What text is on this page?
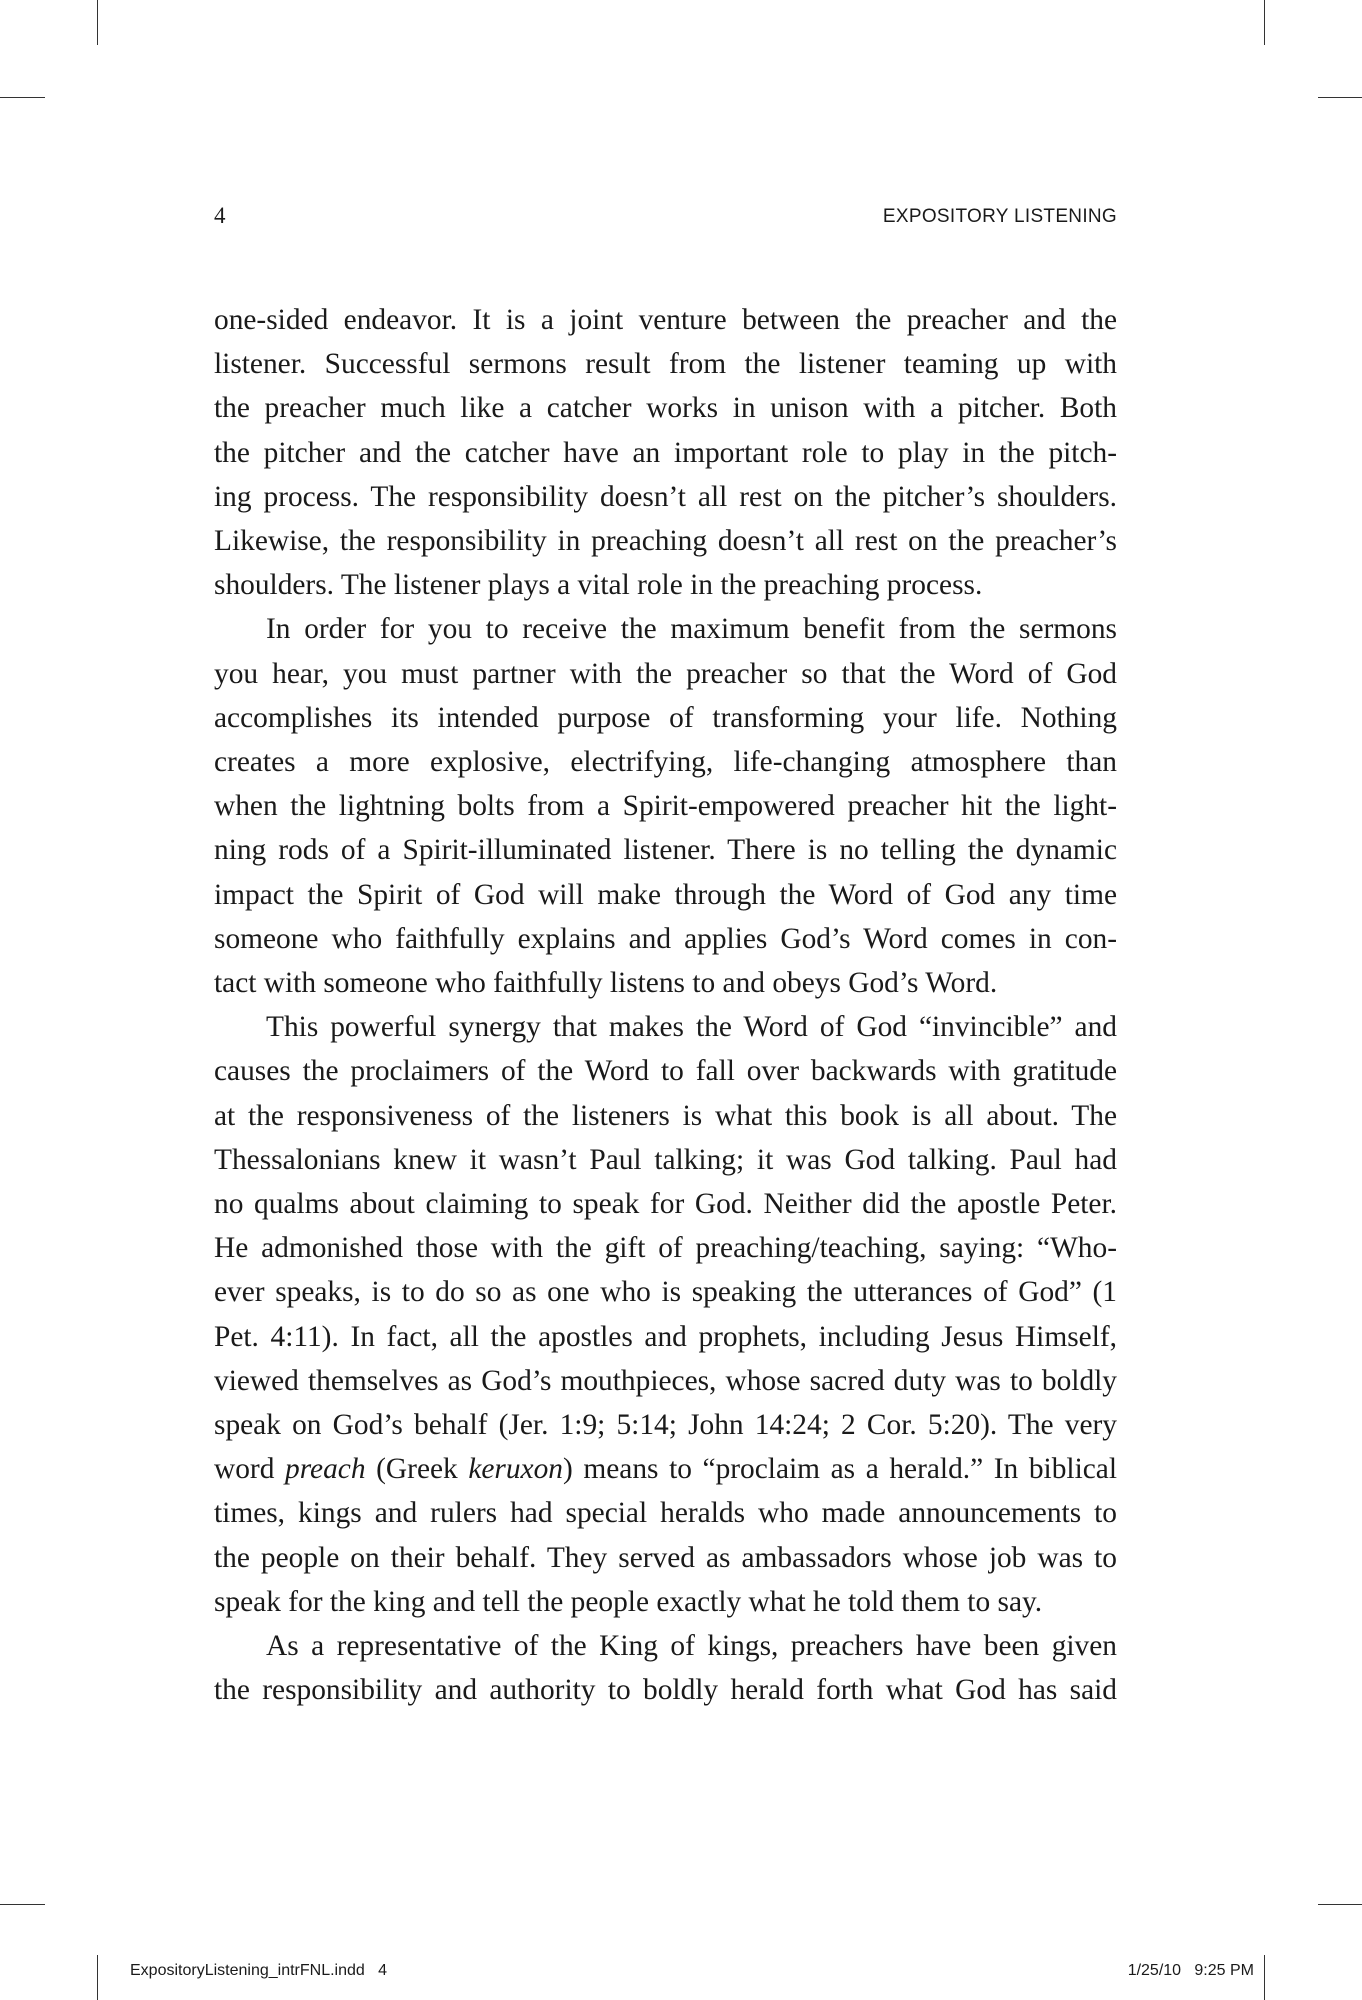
4	EXPOSITORY LISTENING

one-sided endeavor. It is a joint venture between the preacher and the
listener. Successful sermons result from the listener teaming up with
the preacher much like a catcher works in unison with a pitcher. Both
the pitcher and the catcher have an important role to play in the pitch-
ing process. The responsibility doesn’t all rest on the pitcher’s shoulders.
Likewise, the responsibility in preaching doesn’t all rest on the preacher’s
shoulders. The listener plays a vital role in the preaching process.

In order for you to receive the maximum benefit from the sermons
you hear, you must partner with the preacher so that the Word of God
accomplishes its intended purpose of transforming your life. Nothing
creates a more explosive, electrifying, life-changing atmosphere than
when the lightning bolts from a Spirit-empowered preacher hit the light-
ning rods of a Spirit-illuminated listener. There is no telling the dynamic
impact the Spirit of God will make through the Word of God any time
someone who faithfully explains and applies God’s Word comes in con-
tact with someone who faithfully listens to and obeys God’s Word.

This powerful synergy that makes the Word of God “invincible” and
causes the proclaimers of the Word to fall over backwards with gratitude
at the responsiveness of the listeners is what this book is all about. The
Thessalonians knew it wasn’t Paul talking; it was God talking. Paul had
no qualms about claiming to speak for God. Neither did the apostle Peter.
He admonished those with the gift of preaching/teaching, saying: “Who-
ever speaks, is to do so as one who is speaking the utterances of God” (1
Pet. 4:11). In fact, all the apostles and prophets, including Jesus Himself,
viewed themselves as God’s mouthpieces, whose sacred duty was to boldly
speak on God’s behalf (Jer. 1:9; 5:14; John 14:24; 2 Cor. 5:20). The very
word preach (Greek keruxon) means to “proclaim as a herald.” In biblical
times, kings and rulers had special heralds who made announcements to
the people on their behalf. They served as ambassadors whose job was to
speak for the king and tell the people exactly what he told them to say.

As a representative of the King of kings, preachers have been given
the responsibility and authority to boldly herald forth what God has said

ExpositoryListening_intrFNL.indd   4	1/25/10   9:25 PM
